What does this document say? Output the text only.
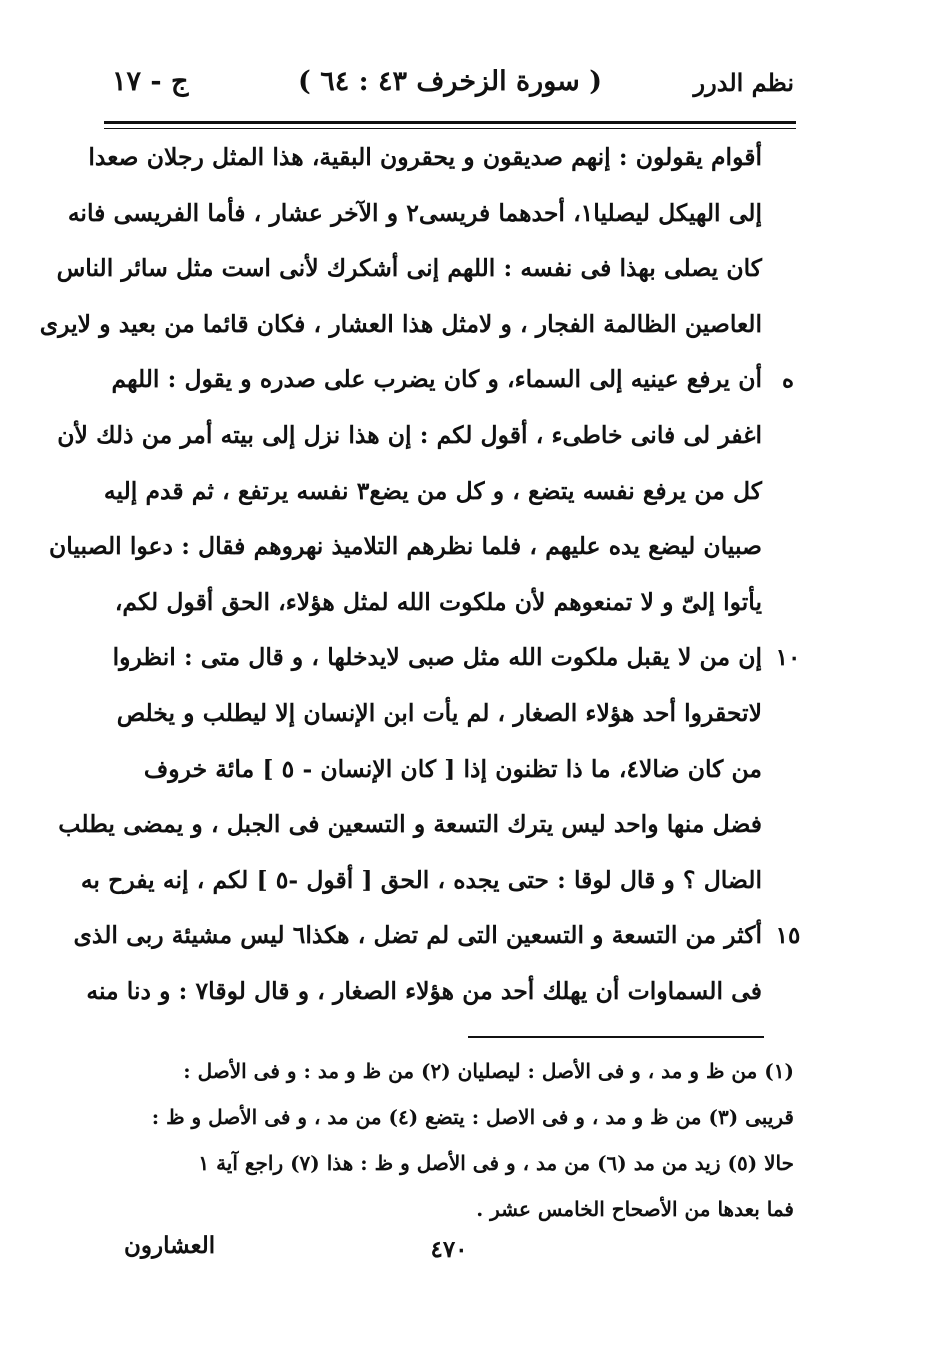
نظم الدرر
( سورة الزخرف ٤٣ : ٦٤ )
ج - ١٧
أقوام يقولون : إنهم صديقون و يحقرون البقية، هذا المثل رجلان صعدا
إلى الهيكل ليصليا١، أحدهما فريسى٢ و الآخر عشار ، فأما الفريسى فانه
كان يصلى بهذا فى نفسه : اللهم إنى أشكرك لأنى است مثل سائر الناس
العاصين الظالمة الفجار ، و لامثل هذا العشار ، فكان قائما من بعيد و لايرى
أن يرفع عينيه إلى السماء، و كان يضرب على صدره و يقول : اللهم
اغفر لى فانى خاطىء ، أقول لكم : إن هذا نزل إلى بيته أمر من ذلك لأن
كل من يرفع نفسه يتضع ، و كل من يضع٣ نفسه يرتفع ، ثم قدم إليه
صبيان ليضع يده عليهم ، فلما نظرهم التلاميذ نهروهم فقال : دعوا الصبيان
يأتوا إلىّ و لا تمنعوهم لأن ملكوت الله لمثل هؤلاء، الحق أقول لكم،
إن من لا يقبل ملكوت الله مثل صبى لايدخلها ، و قال متى : انظروا
لاتحقروا أحد هؤلاء الصغار ، لم يأت ابن الإنسان إلا ليطلب و يخلص
من كان ضالا٤، ما ذا تظنون إذا [ كان الإنسان - ٥ ] مائة خروف
فضل منها واحد ليس يترك التسعة و التسعين فى الجبل ، و يمضى يطلب
الضال ؟ و قال لوقا : حتى يجده ، الحق [ أقول -٥ ] لكم ، إنه يفرح به
أكثر من التسعة و التسعين التى لم تضل ، هكذا٦ ليس مشيئة ربى الذى
فى السماوات أن يهلك أحد من هؤلاء الصغار ، و قال لوقا٧ : و دنا منه
ه
١٠
١٥
(١) من ظ و مد ، و فى الأصل : ليصليان (٢) من ظ و مد : و فى الأصل :
قريبى (٣) من ظ و مد ، و فى الاصل : يتضع (٤) من مد ، و فى الأصل و ظ :
حالا (٥) زيد من مد (٦) من مد ، و فى الأصل و ظ : هذا (٧) راجع آية ١
فما بعدها من الأصحاح الخامس عشر .
٤٧٠
العشارون
